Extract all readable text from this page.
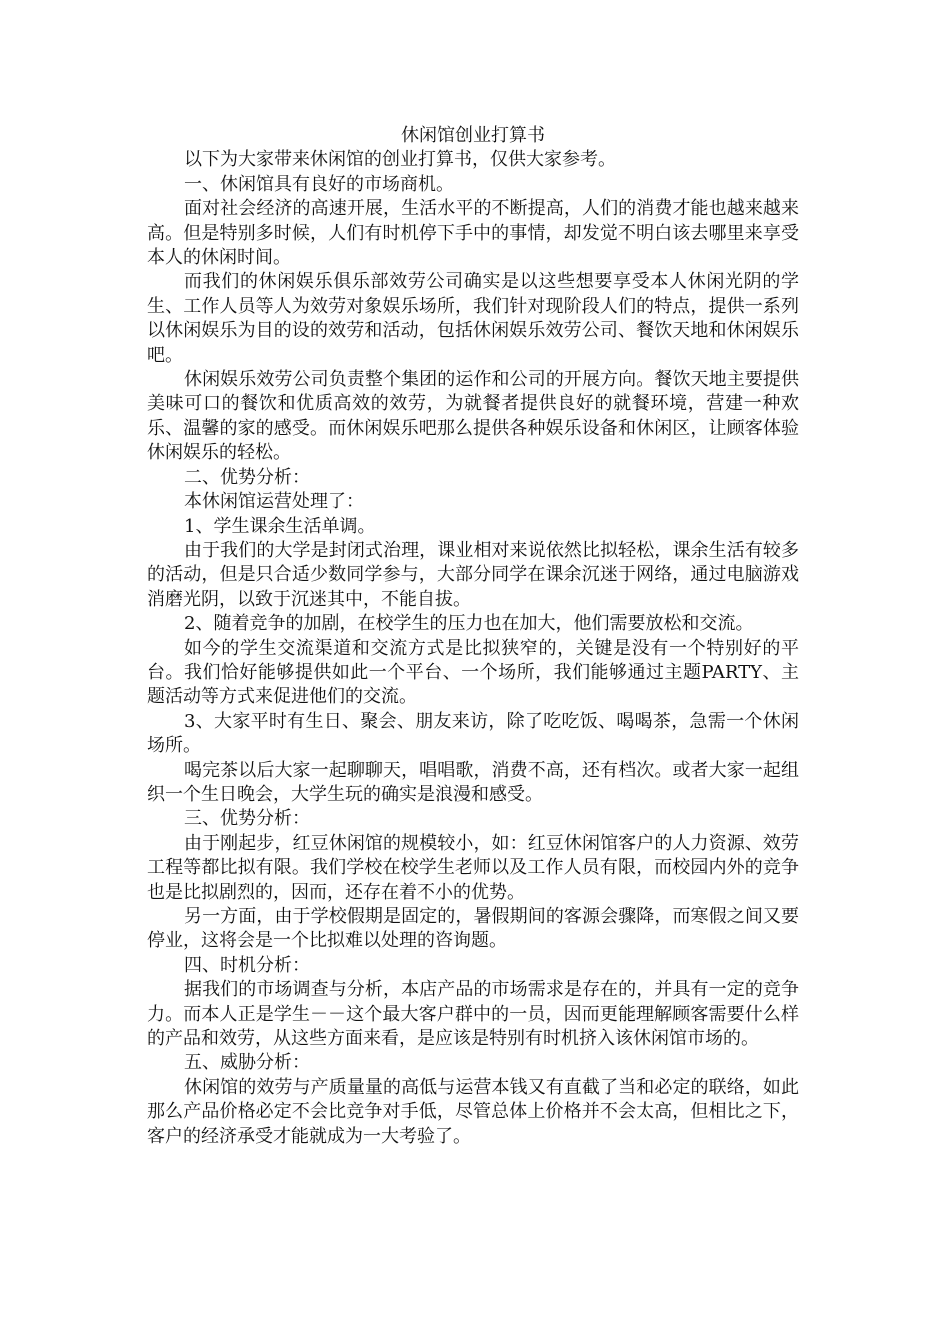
休闲馆创业打算书

以下为大家带来休闲馆的创业打算书，仅供大家参考。

一、休闲馆具有良好的市场商机。

面对社会经济的高速开展，生活水平的不断提高，人们的消费才能也越来越来高。但是特别多时候，人们有时机停下手中的事情，却发觉不明白该去哪里来享受本人的休闲时间。

而我们的休闲娱乐俱乐部效劳公司确实是以这些想要享受本人休闲光阴的学生、工作人员等人为效劳对象娱乐场所，我们针对现阶段人们的特点，提供一系列以休闲娱乐为目的设的效劳和活动，包括休闲娱乐效劳公司、餐饮天地和休闲娱乐吧。

休闲娱乐效劳公司负责整个集团的运作和公司的开展方向。餐饮天地主要提供美味可口的餐饮和优质高效的效劳，为就餐者提供良好的就餐环境，营建一种欢乐、温馨的家的感受。而休闲娱乐吧那么提供各种娱乐设备和休闲区，让顾客体验休闲娱乐的轻松。

二、优势分析：

本休闲馆运营处理了：

1、学生课余生活单调。

由于我们的大学是封闭式治理，课业相对来说依然比拟轻松，课余生活有较多的活动，但是只合适少数同学参与，大部分同学在课余沉迷于网络，通过电脑游戏消磨光阴，以致于沉迷其中，不能自拔。

2、随着竞争的加剧，在校学生的压力也在加大，他们需要放松和交流。

如今的学生交流渠道和交流方式是比拟狭窄的，关键是没有一个特别好的平台。我们恰好能够提供如此一个平台、一个场所，我们能够通过主题PARTY、主题活动等方式来促进他们的交流。

3、大家平时有生日、聚会、朋友来访，除了吃吃饭、喝喝茶，急需一个休闲场所。

喝完茶以后大家一起聊聊天，唱唱歌，消费不高，还有档次。或者大家一起组织一个生日晚会，大学生玩的确实是浪漫和感受。

三、优势分析：

由于刚起步，红豆休闲馆的规模较小，如：红豆休闲馆客户的人力资源、效劳工程等都比拟有限。我们学校在校学生老师以及工作人员有限，而校园内外的竞争也是比拟剧烈的，因而，还存在着不小的优势。

另一方面，由于学校假期是固定的，暑假期间的客源会骤降，而寒假之间又要停业，这将会是一个比拟难以处理的咨询题。

四、时机分析：

据我们的市场调查与分析，本店产品的市场需求是存在的，并具有一定的竞争力。而本人正是学生－－这个最大客户群中的一员，因而更能理解顾客需要什么样的产品和效劳，从这些方面来看，是应该是特别有时机挤入该休闲馆市场的。

五、威胁分析：

休闲馆的效劳与产质量量的高低与运营本钱又有直截了当和必定的联络，如此那么产品价格必定不会比竞争对手低，尽管总体上价格并不会太高，但相比之下，客户的经济承受才能就成为一大考验了。
